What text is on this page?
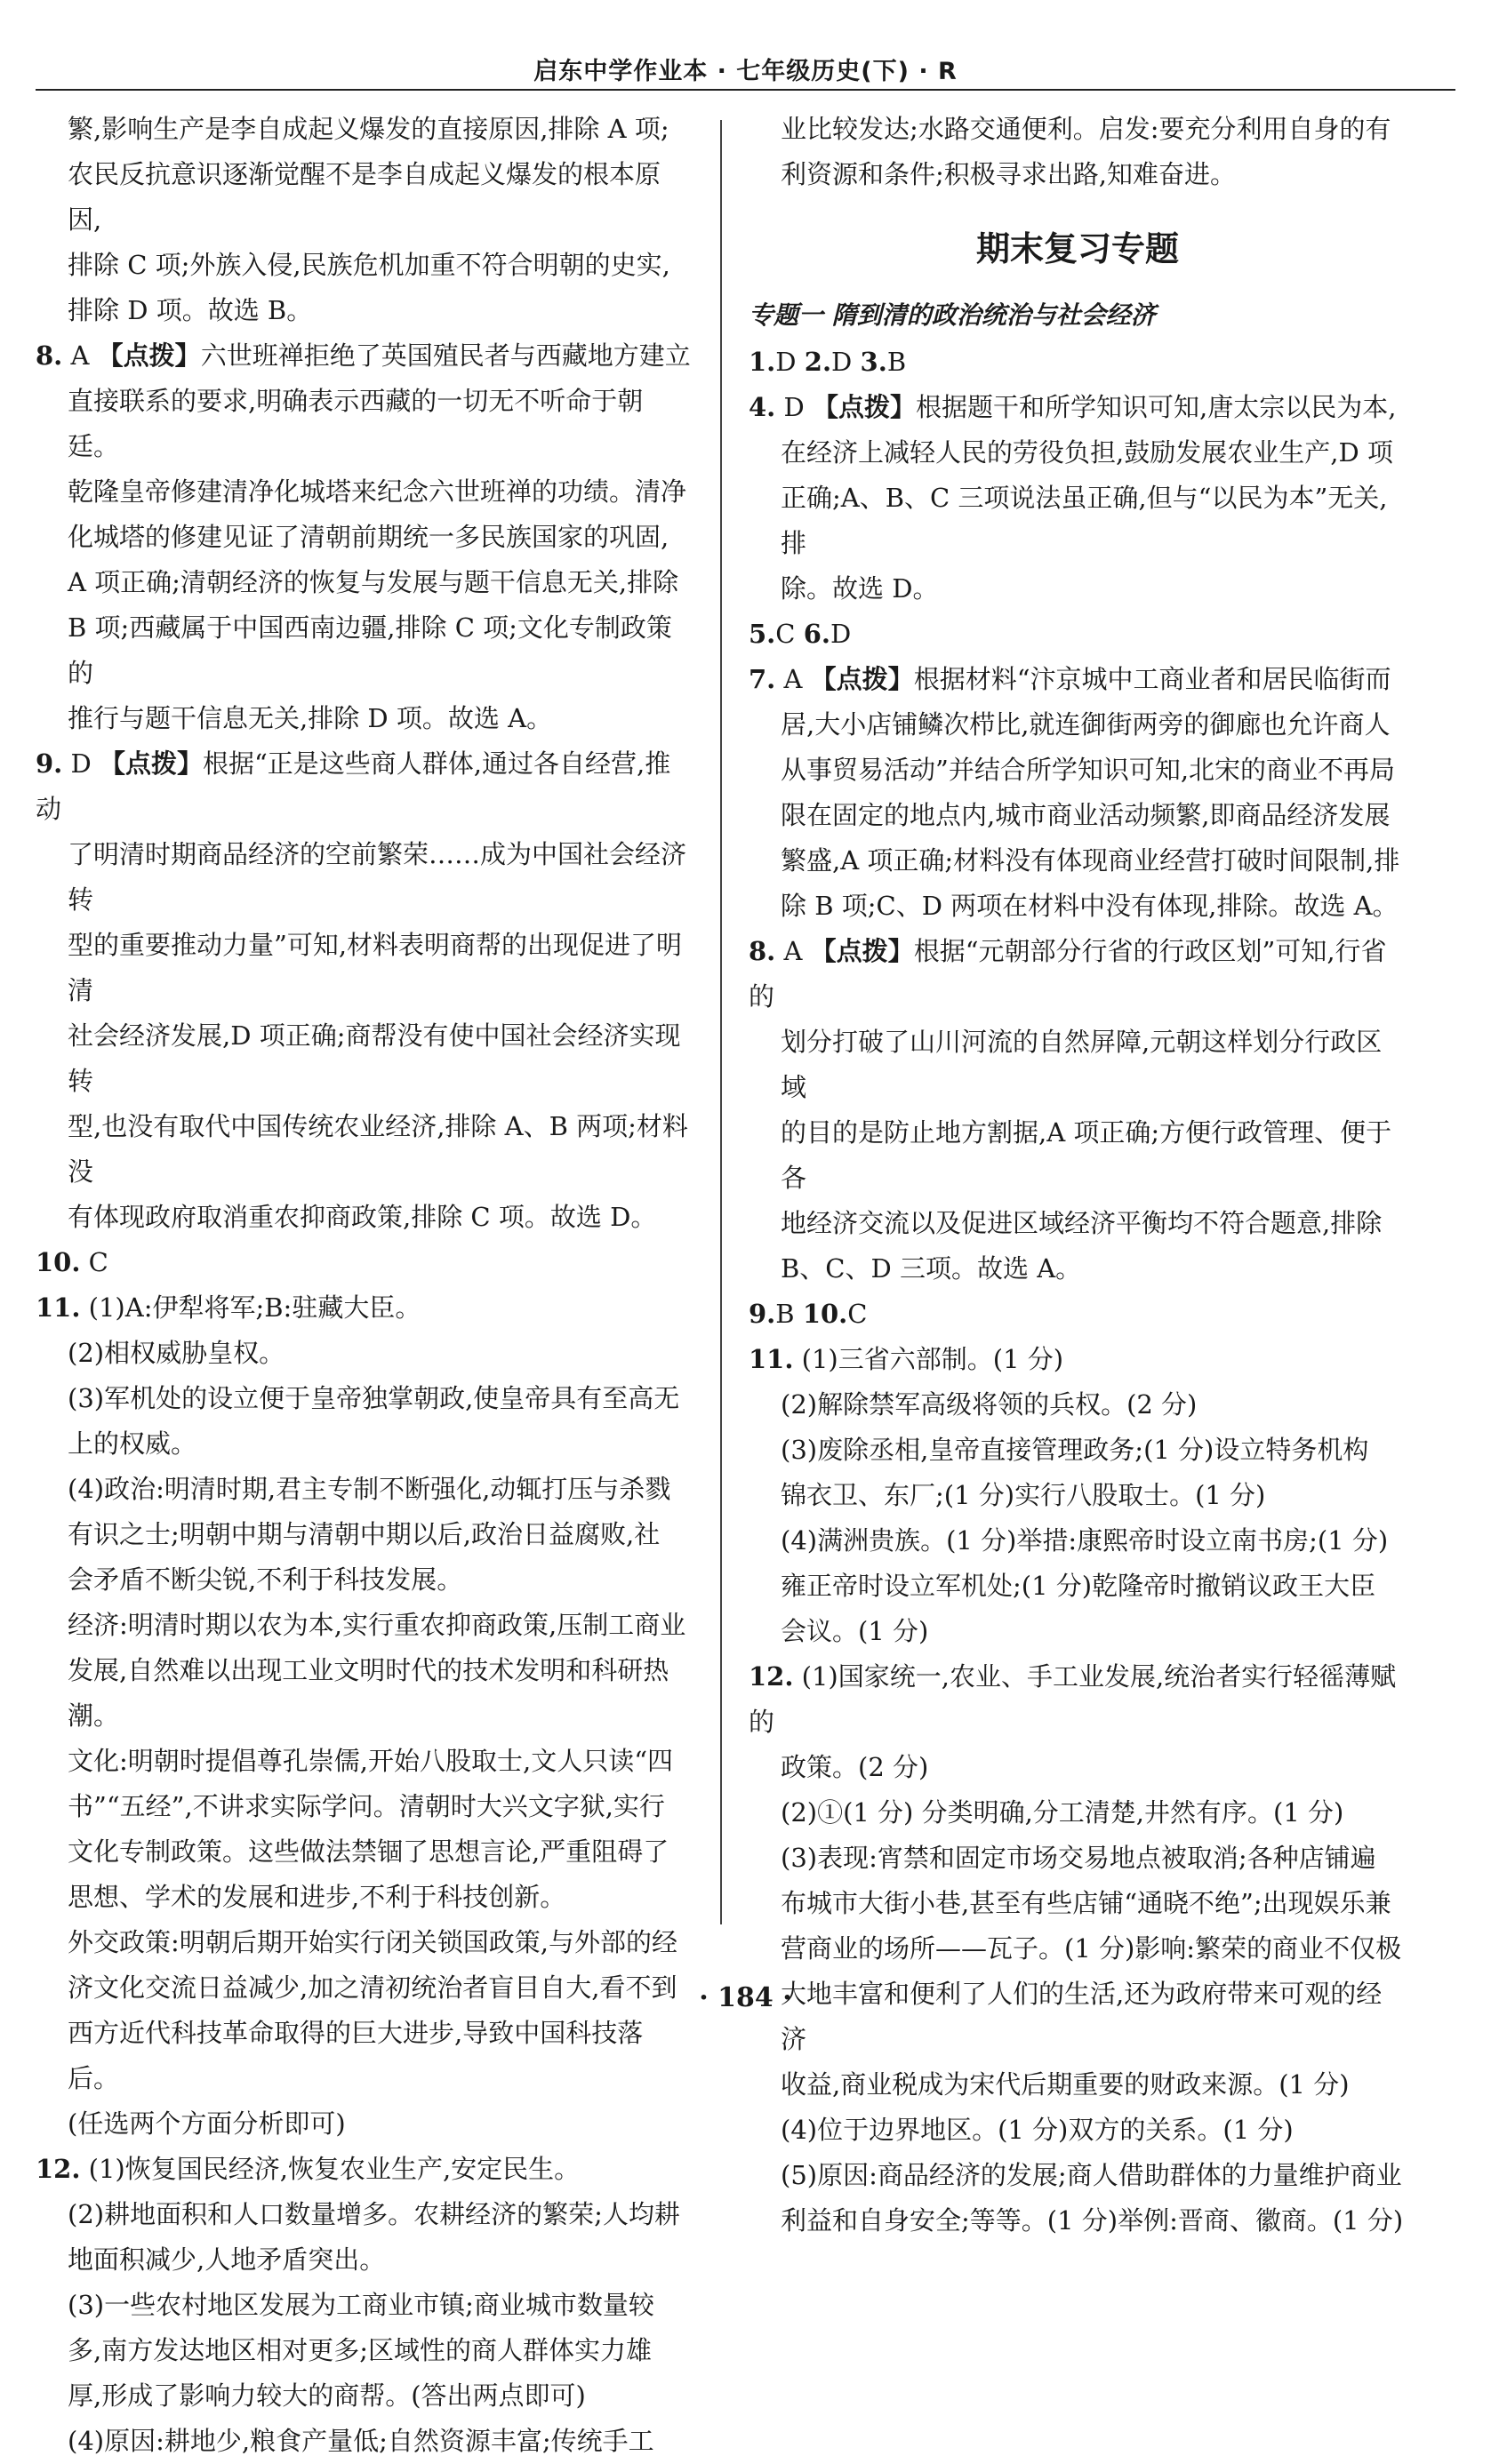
启东中学作业本 · 七年级历史(下) · R

繁,影响生产是李自成起义爆发的直接原因,排除 A 项;

农民反抗意识逐渐觉醒不是李自成起义爆发的根本原因,

排除 C 项;外族入侵,民族危机加重不符合明朝的史实,

排除 D 项。故选 B。

8. A 【点拨】六世班禅拒绝了英国殖民者与西藏地方建立

直接联系的要求,明确表示西藏的一切无不听命于朝廷。

乾隆皇帝修建清净化城塔来纪念六世班禅的功绩。清净

化城塔的修建见证了清朝前期统一多民族国家的巩固,

A 项正确;清朝经济的恢复与发展与题干信息无关,排除

B 项;西藏属于中国西南边疆,排除 C 项;文化专制政策的

推行与题干信息无关,排除 D 项。故选 A。

9. D 【点拨】根据“正是这些商人群体,通过各自经营,推动

了明清时期商品经济的空前繁荣……成为中国社会经济转

型的重要推动力量”可知,材料表明商帮的出现促进了明清

社会经济发展,D 项正确;商帮没有使中国社会经济实现转

型,也没有取代中国传统农业经济,排除 A、B 两项;材料没

有体现政府取消重农抑商政策,排除 C 项。故选 D。

10. C

11. (1)A:伊犁将军;B:驻藏大臣。

(2)相权威胁皇权。

(3)军机处的设立便于皇帝独掌朝政,使皇帝具有至高无

上的权威。

(4)政治:明清时期,君主专制不断强化,动辄打压与杀戮

有识之士;明朝中期与清朝中期以后,政治日益腐败,社

会矛盾不断尖锐,不利于科技发展。

经济:明清时期以农为本,实行重农抑商政策,压制工商业

发展,自然难以出现工业文明时代的技术发明和科研热潮。

文化:明朝时提倡尊孔崇儒,开始八股取士,文人只读“四

书”“五经”,不讲求实际学问。清朝时大兴文字狱,实行

文化专制政策。这些做法禁锢了思想言论,严重阻碍了

思想、学术的发展和进步,不利于科技创新。

外交政策:明朝后期开始实行闭关锁国政策,与外部的经

济文化交流日益减少,加之清初统治者盲目自大,看不到

西方近代科技革命取得的巨大进步,导致中国科技落后。

(任选两个方面分析即可)

12. (1)恢复国民经济,恢复农业生产,安定民生。

(2)耕地面积和人口数量增多。农耕经济的繁荣;人均耕

地面积减少,人地矛盾突出。

(3)一些农村地区发展为工商业市镇;商业城市数量较

多,南方发达地区相对更多;区域性的商人群体实力雄

厚,形成了影响力较大的商帮。(答出两点即可)

(4)原因:耕地少,粮食产量低;自然资源丰富;传统手工

业比较发达;水路交通便利。启发:要充分利用自身的有

利资源和条件;积极寻求出路,知难奋进。

期末复习专题
专题一 隋到清的政治统治与社会经济

1.D 2.D 3.B

4. D 【点拨】根据题干和所学知识可知,唐太宗以民为本,

在经济上减轻人民的劳役负担,鼓励发展农业生产,D 项

正确;A、B、C 三项说法虽正确,但与“以民为本”无关,排

除。故选 D。

5.C 6.D

7. A 【点拨】根据材料“汴京城中工商业者和居民临街而

居,大小店铺鳞次栉比,就连御街两旁的御廊也允许商人

从事贸易活动”并结合所学知识可知,北宋的商业不再局

限在固定的地点内,城市商业活动频繁,即商品经济发展

繁盛,A 项正确;材料没有体现商业经营打破时间限制,排

除 B 项;C、D 两项在材料中没有体现,排除。故选 A。

8. A 【点拨】根据“元朝部分行省的行政区划”可知,行省的

划分打破了山川河流的自然屏障,元朝这样划分行政区域

的目的是防止地方割据,A 项正确;方便行政管理、便于各

地经济交流以及促进区域经济平衡均不符合题意,排除

B、C、D 三项。故选 A。

9.B 10.C

11. (1)三省六部制。(1 分)

(2)解除禁军高级将领的兵权。(2 分)

(3)废除丞相,皇帝直接管理政务;(1 分)设立特务机构

锦衣卫、东厂;(1 分)实行八股取士。(1 分)

(4)满洲贵族。(1 分)举措:康熙帝时设立南书房;(1 分)

雍正帝时设立军机处;(1 分)乾隆帝时撤销议政王大臣

会议。(1 分)

12. (1)国家统一,农业、手工业发展,统治者实行轻徭薄赋的

政策。(2 分)

(2)①(1 分) 分类明确,分工清楚,井然有序。(1 分)

(3)表现:宵禁和固定市场交易地点被取消;各种店铺遍

布城市大街小巷,甚至有些店铺“通晓不绝”;出现娱乐兼

营商业的场所——瓦子。(1 分)影响:繁荣的商业不仅极

大地丰富和便利了人们的生活,还为政府带来可观的经济

收益,商业税成为宋代后期重要的财政来源。(1 分)

(4)位于边界地区。(1 分)双方的关系。(1 分)

(5)原因:商品经济的发展;商人借助群体的力量维护商业

利益和自身安全;等等。(1 分)举例:晋商、徽商。(1 分)

· 184 ·
